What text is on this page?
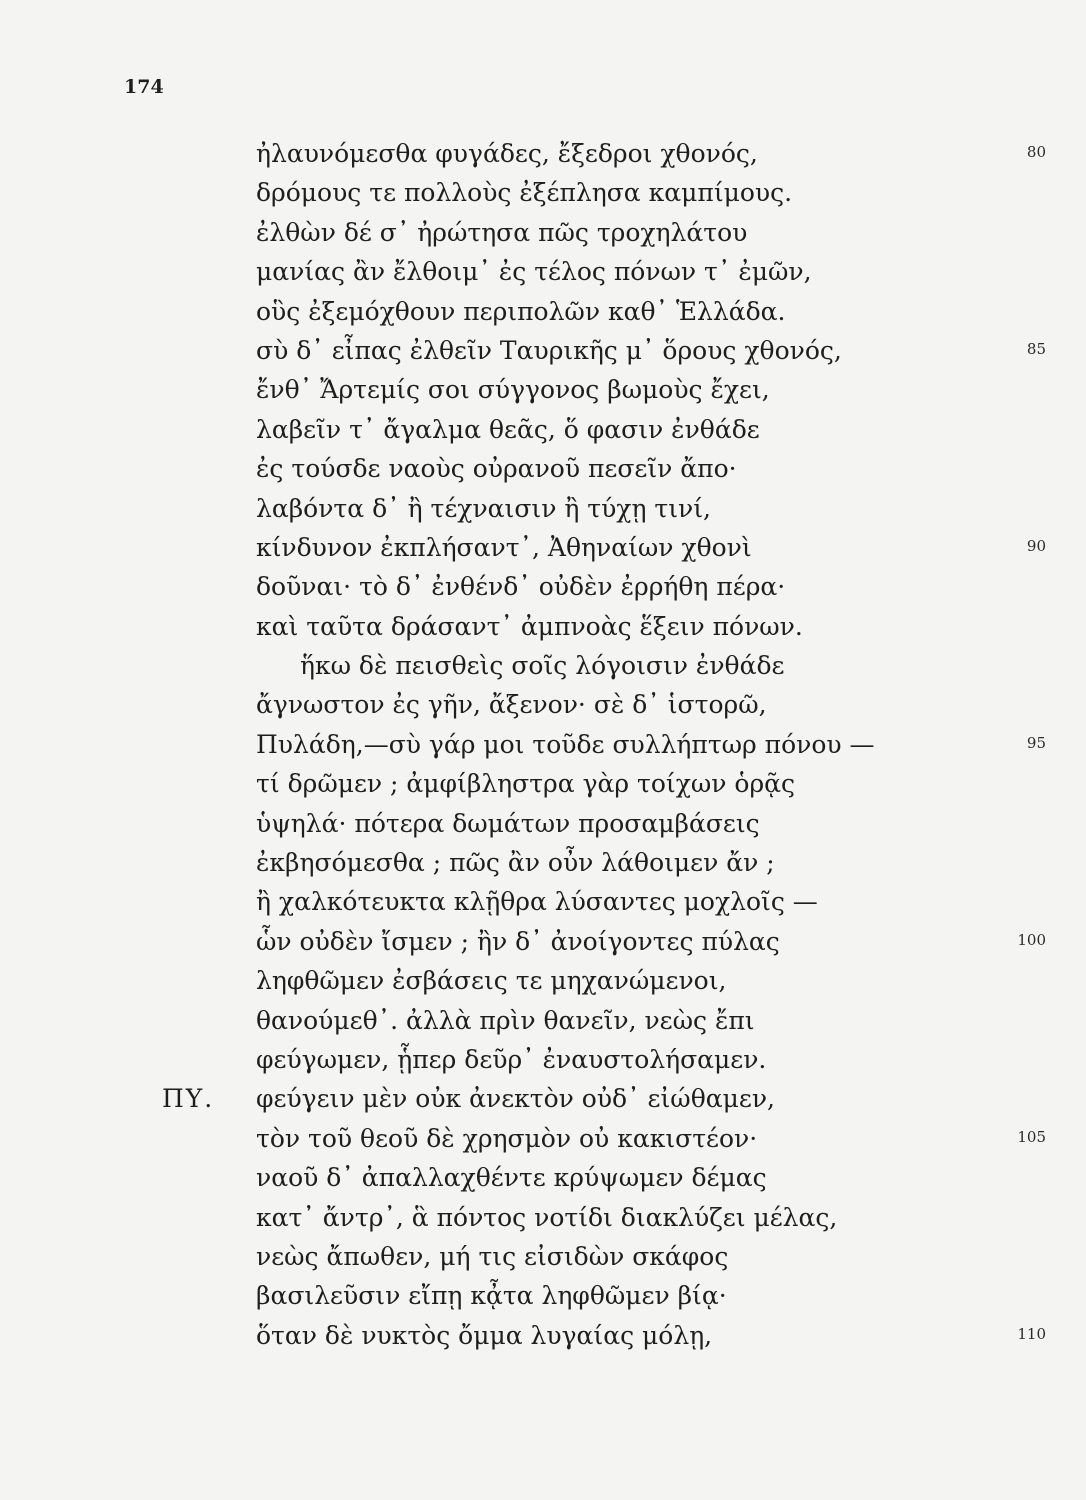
174
ἠλαυνόμεσθα φυγάδες, ἔξεδροι χθονός,	80
δρόμους τε πολλοὺς ἐξέπλησα καμπίμους.
ἐλθὼν δέ σ᾽ ἠρώτησα πῶς τροχηλάτου
μανίας ἂν ἔλθοιμ᾽ ἐς τέλος πόνων τ᾽ ἐμῶν,
οὓς ἐξεμόχθουν περιπολῶν καθ᾽ Ἑλλάδα.
σὺ δ᾽ εἶπας ἐλθεῖν Ταυρικῆς μ᾽ ὅρους χθονός,	85
ἔνθ᾽ Ἄρτεμίς σοι σύγγονος βωμοὺς ἔχει,
λαβεῖν τ᾽ ἄγαλμα θεᾶς, ὅ φασιν ἐνθάδε
ἐς τούσδε ναοὺς οὐρανοῦ πεσεῖν ἄπο·
λαβόντα δ᾽ ἢ τέχναισιν ἢ τύχῃ τινί,
κίνδυνον ἐκπλήσαντ᾽, Ἀθηναίων χθονὶ	90
δοῦναι· τὸ δ᾽ ἐνθένδ᾽ οὐδὲν ἐρρήθη πέρα·
καὶ ταῦτα δράσαντ᾽ ἀμπνοὰς ἕξειν πόνων.
ἥκω δὲ πεισθεὶς σοῖς λόγοισιν ἐνθάδε
ἄγνωστον ἐς γῆν, ἄξενον· σὲ δ᾽ ἱστορῶ,
Πυλάδη,—σὺ γάρ μοι τοῦδε συλλήπτωρ πόνου —	95
τί δρῶμεν ; ἀμφίβληστρα γὰρ τοίχων ὁρᾷς
ὑψηλά· πότερα δωμάτων προσαμβάσεις
ἐκβησόμεσθα ; πῶς ἂν οὖν λάθοιμεν ἄν ;
ἢ χαλκότευκτα κλῇθρα λύσαντες μοχλοῖς —
ὧν οὐδὲν ἴσμεν ; ἢν δ᾽ ἀνοίγοντες πύλας	100
ληφθῶμεν ἐσβάσεις τε μηχανώμενοι,
θανούμεθ᾽. ἀλλὰ πρὶν θανεῖν, νεὼς ἔπι
φεύγωμεν, ᾗπερ δεῦρ᾽ ἐναυστολήσαμεν.
ΠΥ. φεύγειν μὲν οὐκ ἀνεκτὸν οὐδ᾽ εἰώθαμεν,
τὸν τοῦ θεοῦ δὲ χρησμὸν οὐ κακιστέον·	105
ναοῦ δ᾽ ἀπαλλαχθέντε κρύψωμεν δέμας
κατ᾽ ἄντρ᾽, ἃ πόντος νοτίδι διακλύζει μέλας,
νεὼς ἄπωθεν, μή τις εἰσιδὼν σκάφος
βασιλεῦσιν εἴπῃ κᾆτα ληφθῶμεν βίᾳ·
ὅταν δὲ νυκτὸς ὄμμα λυγαίας μόλῃ,	110
